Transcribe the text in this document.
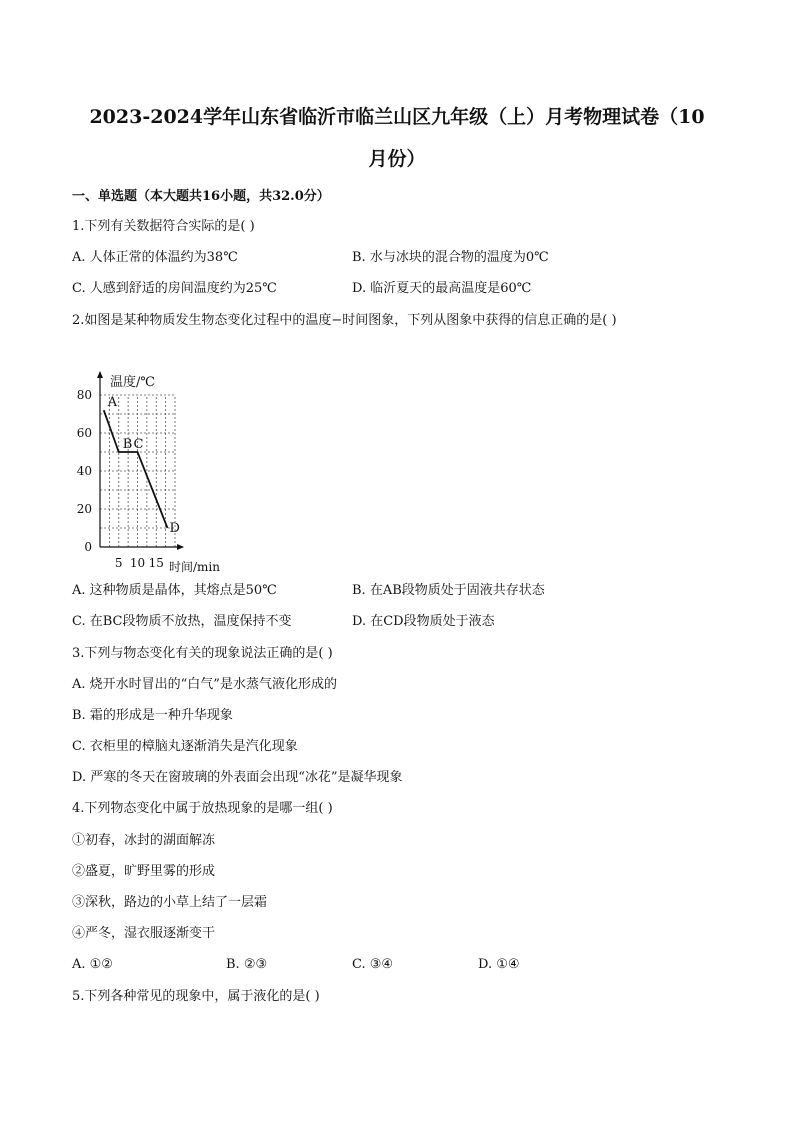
2023-2024学年山东省临沂市临兰山区九年级（上）月考物理试卷（10
月份）
一、单选题（本大题共16小题，共32.0分）
1.下列有关数据符合实际的是( )
A. 人体正常的体温约为38℃	B. 水与冰块的混合物的温度为0℃
C. 人感到舒适的房间温度约为25℃	D. 临沂夏天的最高温度是60℃
2.如图是某种物质发生物态变化过程中的温度−时间图象，下列从图象中获得的信息正确的是( )
0
20
40
60
80
5 10 15
温度/℃
时间/min
A
B C
D
A. 这种物质是晶体，其熔点是50℃	B. 在AB段物质处于固液共存状态
C. 在BC段物质不放热，温度保持不变	D. 在CD段物质处于液态
3.下列与物态变化有关的现象说法正确的是( )
A. 烧开水时冒出的“白气”是水蒸气液化形成的
B. 霜的形成是一种升华现象
C. 衣柜里的樟脑丸逐渐消失是汽化现象
D. 严寒的冬天在窗玻璃的外表面会出现“冰花”是凝华现象
4.下列物态变化中属于放热现象的是哪一组( )
①初春，冰封的湖面解冻
②盛夏，旷野里雾的形成
③深秋，路边的小草上结了一层霜
④严冬，湿衣服逐渐变干
A. ①②	B. ②③	C. ③④	D. ①④
5.下列各种常见的现象中，属于液化的是( )
